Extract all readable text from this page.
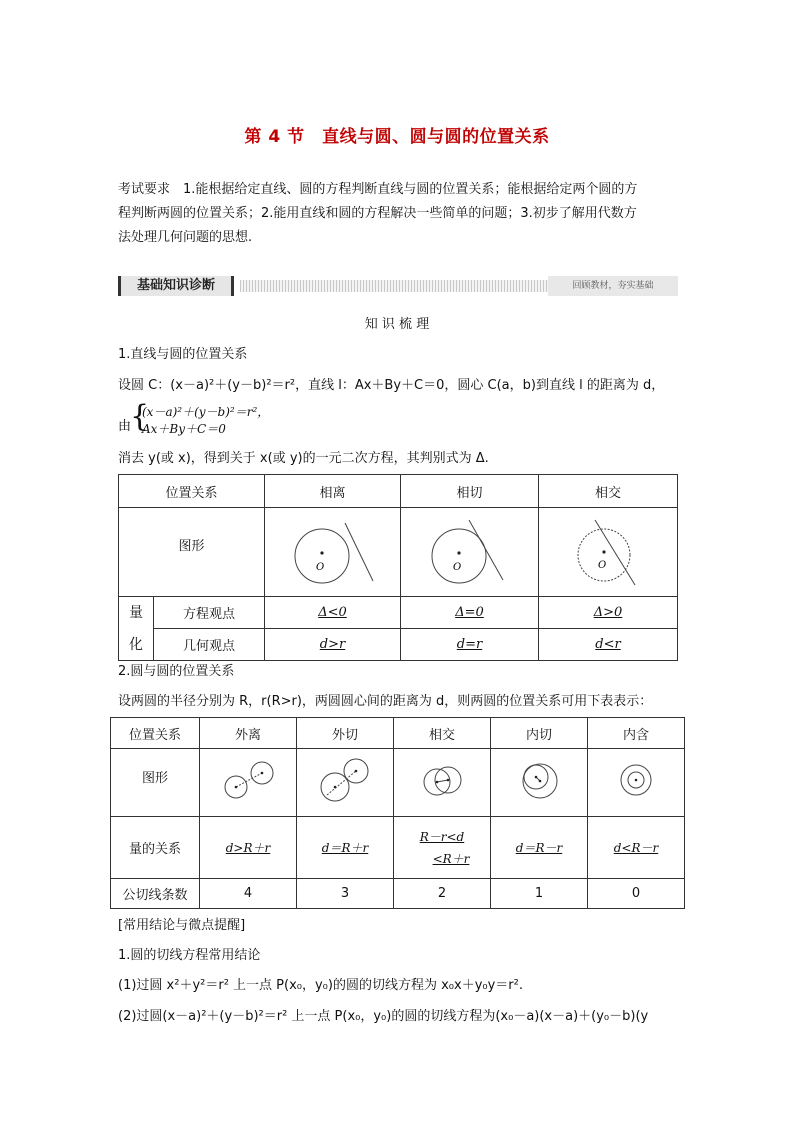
第 4 节　直线与圆、圆与圆的位置关系
考试要求　1.能根据给定直线、圆的方程判断直线与圆的位置关系；能根据给定两个圆的方
程判断两圆的位置关系；2.能用直线和圆的方程解决一些简单的问题；3.初步了解用代数方
法处理几何问题的思想.
基础知识诊断	回顾教材，夯实基础
知 识 梳 理
1.直线与圆的位置关系
设圆 C：(x－a)²＋(y－b)²＝r²，直线 l：Ax＋By＋C＝0，圆心 C(a，b)到直线 l 的距离为 d，
由
{
(x－a)²＋(y－b)²＝r²，
Ax＋By＋C＝0
消去 y(或 x)，得到关于 x(或 y)的一元二次方程，其判别式为 Δ.
位置关系		相离	相切	相交
图形		O	O	O

量
化	方程观点	Δ<0	Δ=0	Δ>0
	几何观点	d>r	d=r	d<r
2.圆与圆的位置关系
设两圆的半径分别为 R，r(R>r)，两圆圆心间的距离为 d，则两圆的位置关系可用下表表示：
位置关系	外离	外切	相交	内切	内含
图形					
量的关系	d>R＋r	d＝R＋r	R－r<d
<R＋r	d＝R－r	d<R－r
公切线条数	4	3	2	1	0
[常用结论与微点提醒]
1.圆的切线方程常用结论
(1)过圆 x²＋y²＝r² 上一点 P(x₀，y₀)的圆的切线方程为 x₀x＋y₀y＝r².
(2)过圆(x－a)²＋(y－b)²＝r² 上一点 P(x₀，y₀)的圆的切线方程为(x₀－a)(x－a)＋(y₀－b)(y
